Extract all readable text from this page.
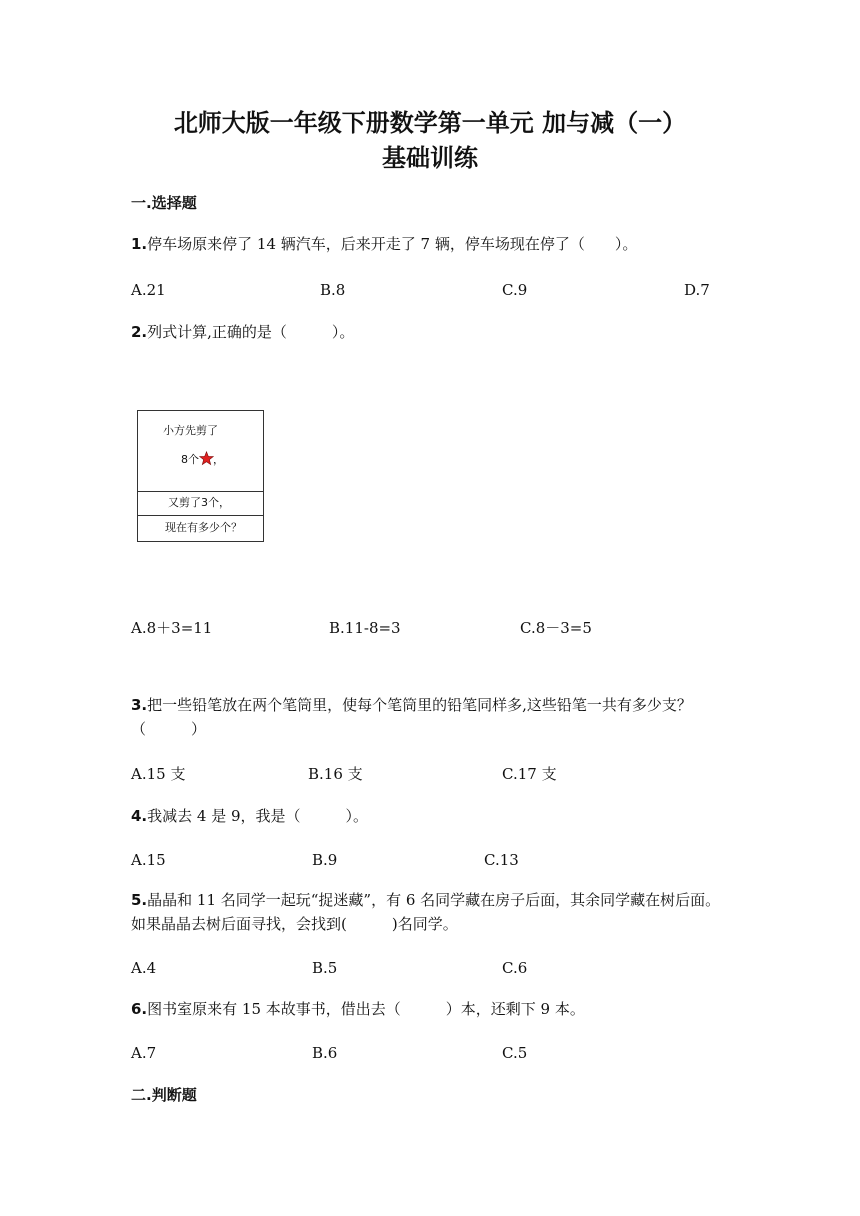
北师大版一年级下册数学第一单元 加与减（一）
基础训练
一.选择题
1.停车场原来停了 14 辆汽车，后来开走了 7 辆，停车场现在停了（　　）。
A.21	B.8	C.9	D.7
2.列式计算,正确的是（　　　）。
小方先剪了
8个 ，
又剪了3个，
现在有多少个？
A.8＋3=11	B.11-8=3	C.8－3=5
3.把一些铅笔放在两个笔筒里，使每个笔筒里的铅笔同样多,这些铅笔一共有多少支？（　　　）
A.15 支	B.16 支	C.17 支
4.我减去 4 是 9，我是（　　　）。
A.15	B.9	C.13
5.晶晶和 11 名同学一起玩“捉迷藏”，有 6 名同学藏在房子后面，其余同学藏在树后面。如果晶晶去树后面寻找，会找到(　　　)名同学。
A.4	B.5	C.6
6.图书室原来有 15 本故事书，借出去（　　　）本，还剩下 9 本。
A.7	B.6	C.5
二.判断题
